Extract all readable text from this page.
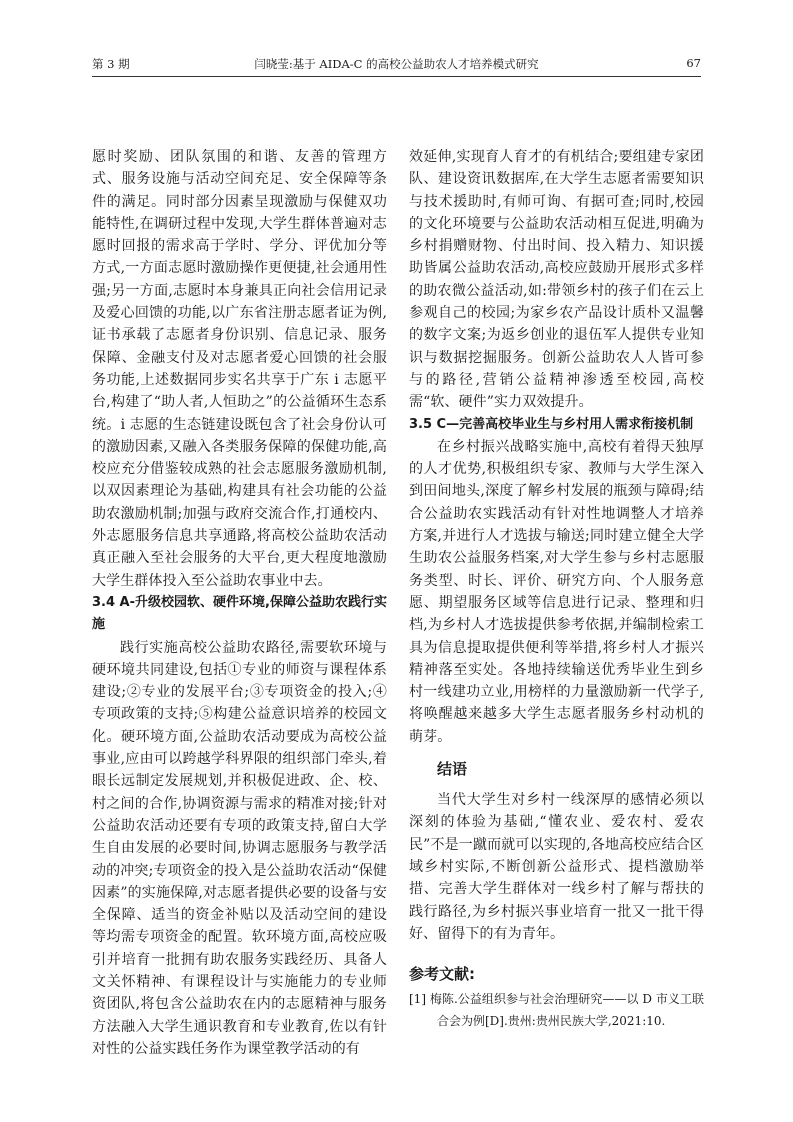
第 3 期	闫晓莹:基于 AIDA-C 的高校公益助农人才培养模式研究	67

愿时奖励、团队氛围的和谐、友善的管理方式、服务设施与活动空间充足、安全保障等条件的满足。同时部分因素呈现激励与保健双功能特性,在调研过程中发现,大学生群体普遍对志愿时回报的需求高于学时、学分、评优加分等方式,一方面志愿时激励操作更便捷,社会通用性强;另一方面,志愿时本身兼具正向社会信用记录及爱心回馈的功能,以广东省注册志愿者证为例,证书承载了志愿者身份识别、信息记录、服务保障、金融支付及对志愿者爱心回馈的社会服务功能,上述数据同步实名共享于广东 i 志愿平台,构建了“助人者,人恒助之”的公益循环生态系统。i 志愿的生态链建设既包含了社会身份认可的激励因素,又融入各类服务保障的保健功能,高校应充分借鉴较成熟的社会志愿服务激励机制,以双因素理论为基础,构建具有社会功能的公益助农激励机制;加强与政府交流合作,打通校内、外志愿服务信息共享通路,将高校公益助农活动真正融入至社会服务的大平台,更大程度地激励大学生群体投入至公益助农事业中去。

3.4 A-升级校园软、硬件环境,保障公益助农践行实施

践行实施高校公益助农路径,需要软环境与硬环境共同建设,包括①专业的师资与课程体系建设;②专业的发展平台;③专项资金的投入;④专项政策的支持;⑤构建公益意识培养的校园文化。硬环境方面,公益助农活动要成为高校公益事业,应由可以跨越学科界限的组织部门牵头,着眼长远制定发展规划,并积极促进政、企、校、村之间的合作,协调资源与需求的精准对接;针对公益助农活动还要有专项的政策支持,留白大学生自由发展的必要时间,协调志愿服务与教学活动的冲突;专项资金的投入是公益助农活动“保健因素”的实施保障,对志愿者提供必要的设备与安全保障、适当的资金补贴以及活动空间的建设等均需专项资金的配置。软环境方面,高校应吸引并培育一批拥有助农服务实践经历、具备人文关怀精神、有课程设计与实施能力的专业师资团队,将包含公益助农在内的志愿精神与服务方法融入大学生通识教育和专业教育,佐以有针对性的公益实践任务作为课堂教学活动的有

效延伸,实现育人育才的有机结合;要组建专家团队、建设资讯数据库,在大学生志愿者需要知识与技术援助时,有师可询、有据可查;同时,校园的文化环境要与公益助农活动相互促进,明确为乡村捐赠财物、付出时间、投入精力、知识援助皆属公益助农活动,高校应鼓励开展形式多样的助农微公益活动,如:带领乡村的孩子们在云上参观自己的校园;为家乡农产品设计质朴又温馨的数字文案;为返乡创业的退伍军人提供专业知识与数据挖掘服务。创新公益助农人人皆可参与的路径,营销公益精神渗透至校园,高校需“软、硬件”实力双效提升。

3.5 C—完善高校毕业生与乡村用人需求衔接机制

在乡村振兴战略实施中,高校有着得天独厚的人才优势,积极组织专家、教师与大学生深入到田间地头,深度了解乡村发展的瓶颈与障碍;结合公益助农实践活动有针对性地调整人才培养方案,并进行人才选拔与输送;同时建立健全大学生助农公益服务档案,对大学生参与乡村志愿服务类型、时长、评价、研究方向、个人服务意愿、期望服务区域等信息进行记录、整理和归档,为乡村人才选拔提供参考依据,并编制检索工具为信息提取提供便利等举措,将乡村人才振兴精神落至实处。各地持续输送优秀毕业生到乡村一线建功立业,用榜样的力量激励新一代学子,将唤醒越来越多大学生志愿者服务乡村动机的萌芽。

结语

当代大学生对乡村一线深厚的感情必须以深刻的体验为基础,“懂农业、爱农村、爱农民”不是一蹴而就可以实现的,各地高校应结合区域乡村实际,不断创新公益形式、提档激励举措、完善大学生群体对一线乡村了解与帮扶的践行路径,为乡村振兴事业培育一批又一批干得好、留得下的有为青年。

参考文献:

[1] 梅陈.公益组织参与社会治理研究——以 D 市义工联合会为例[D].贵州:贵州民族大学,2021:10.
